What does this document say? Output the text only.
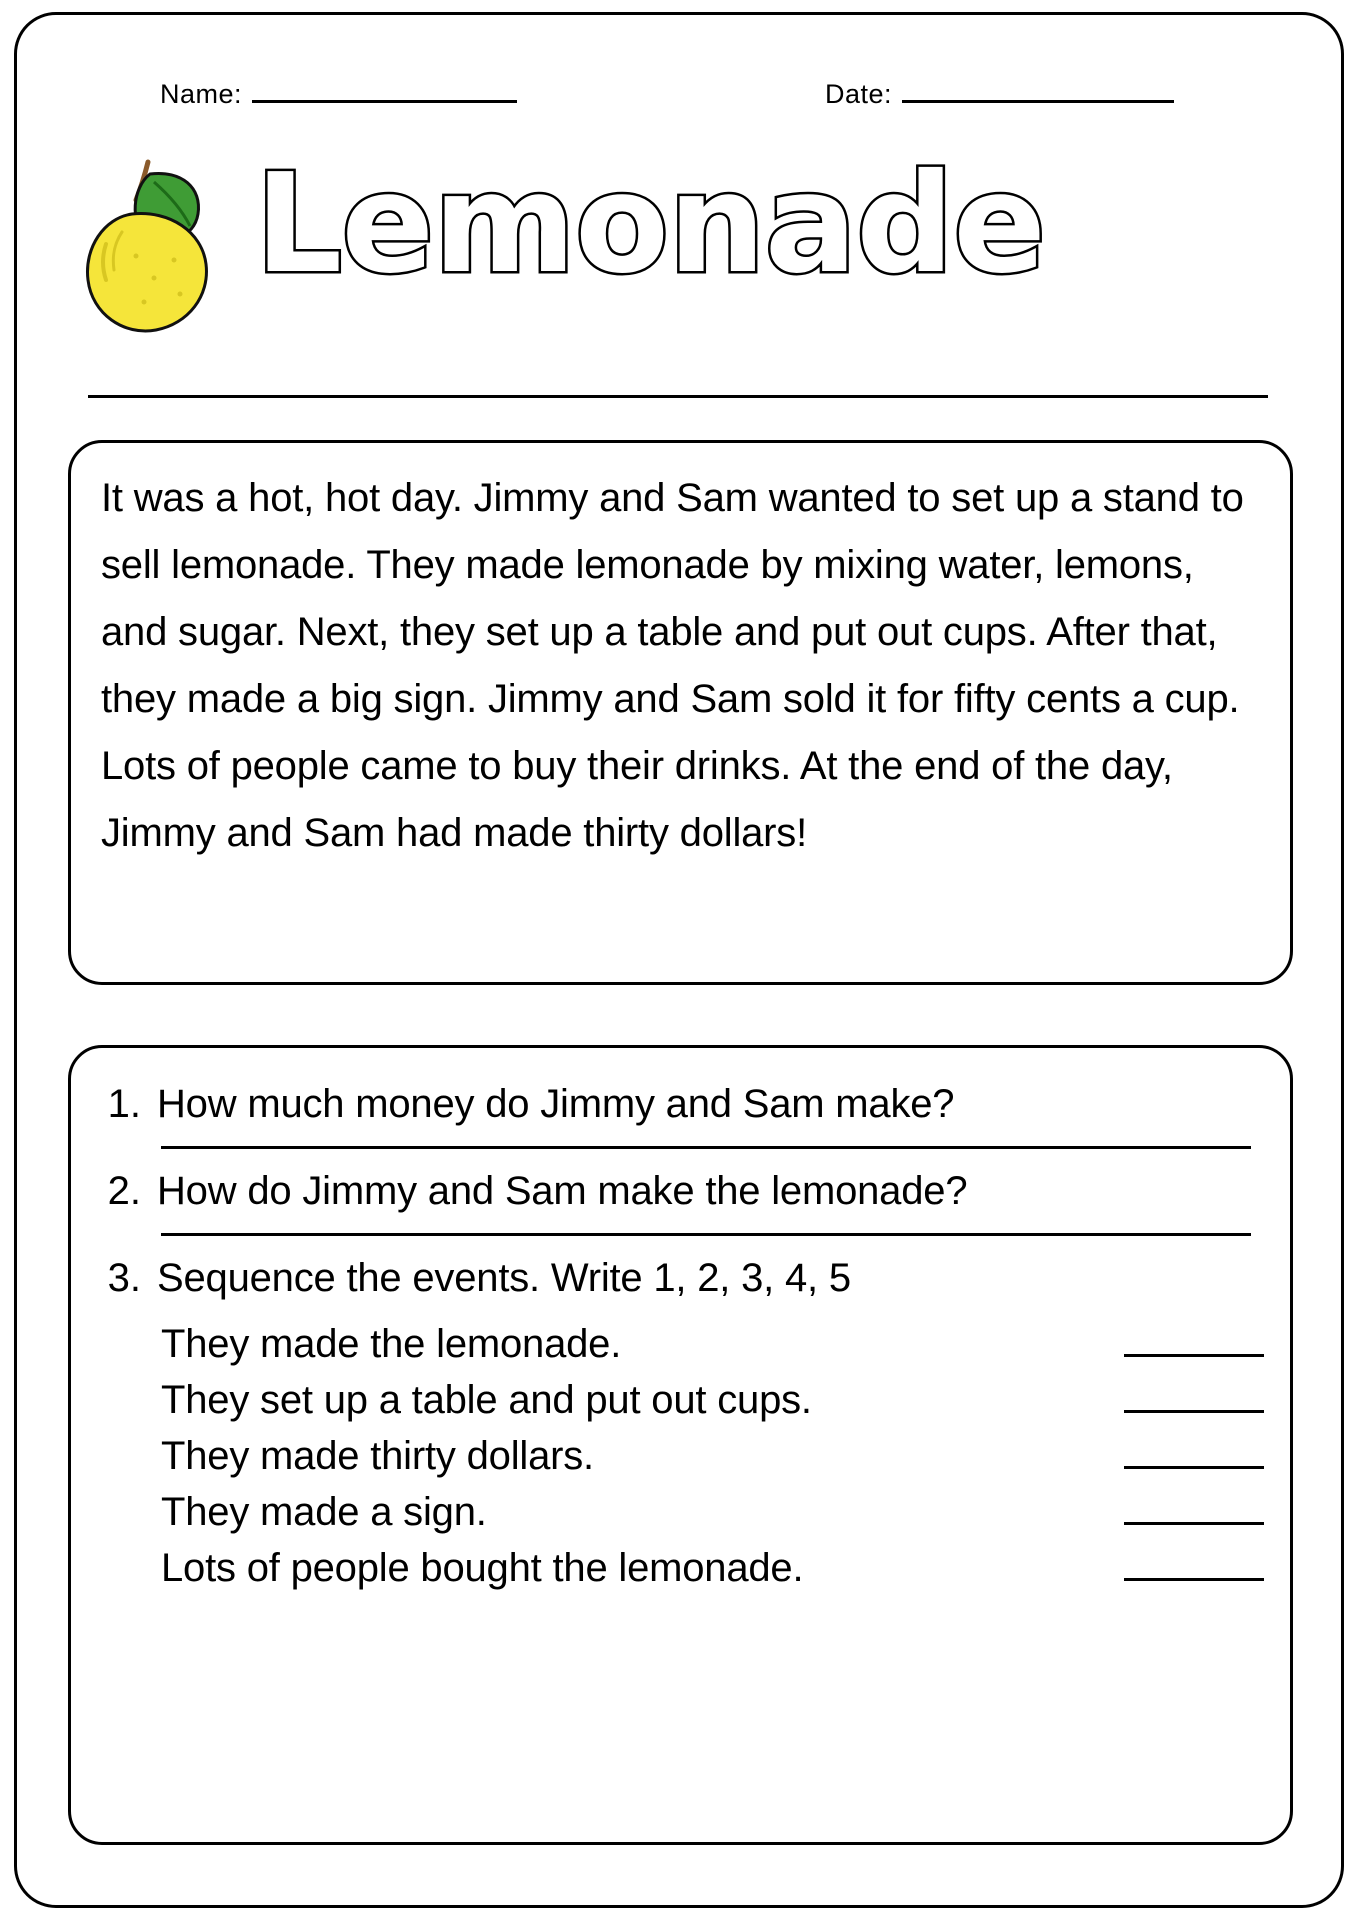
Name:	Date:
Lemonade
It was a hot, hot day. Jimmy and Sam wanted to set up a stand to sell lemonade. They made lemonade by mixing water, lemons, and sugar. Next, they set up a table and put out cups. After that, they made a big sign. Jimmy and Sam sold it for fifty cents a cup. Lots of people came to buy their drinks. At the end of the day, Jimmy and Sam had made thirty dollars!
1. How much money do Jimmy and Sam make?
2. How do Jimmy and Sam make the lemonade?
3. Sequence the events. Write 1, 2, 3, 4, 5
They made the lemonade.
They set up a table and put out cups.
They made thirty dollars.
They made a sign.
Lots of people bought the lemonade.
